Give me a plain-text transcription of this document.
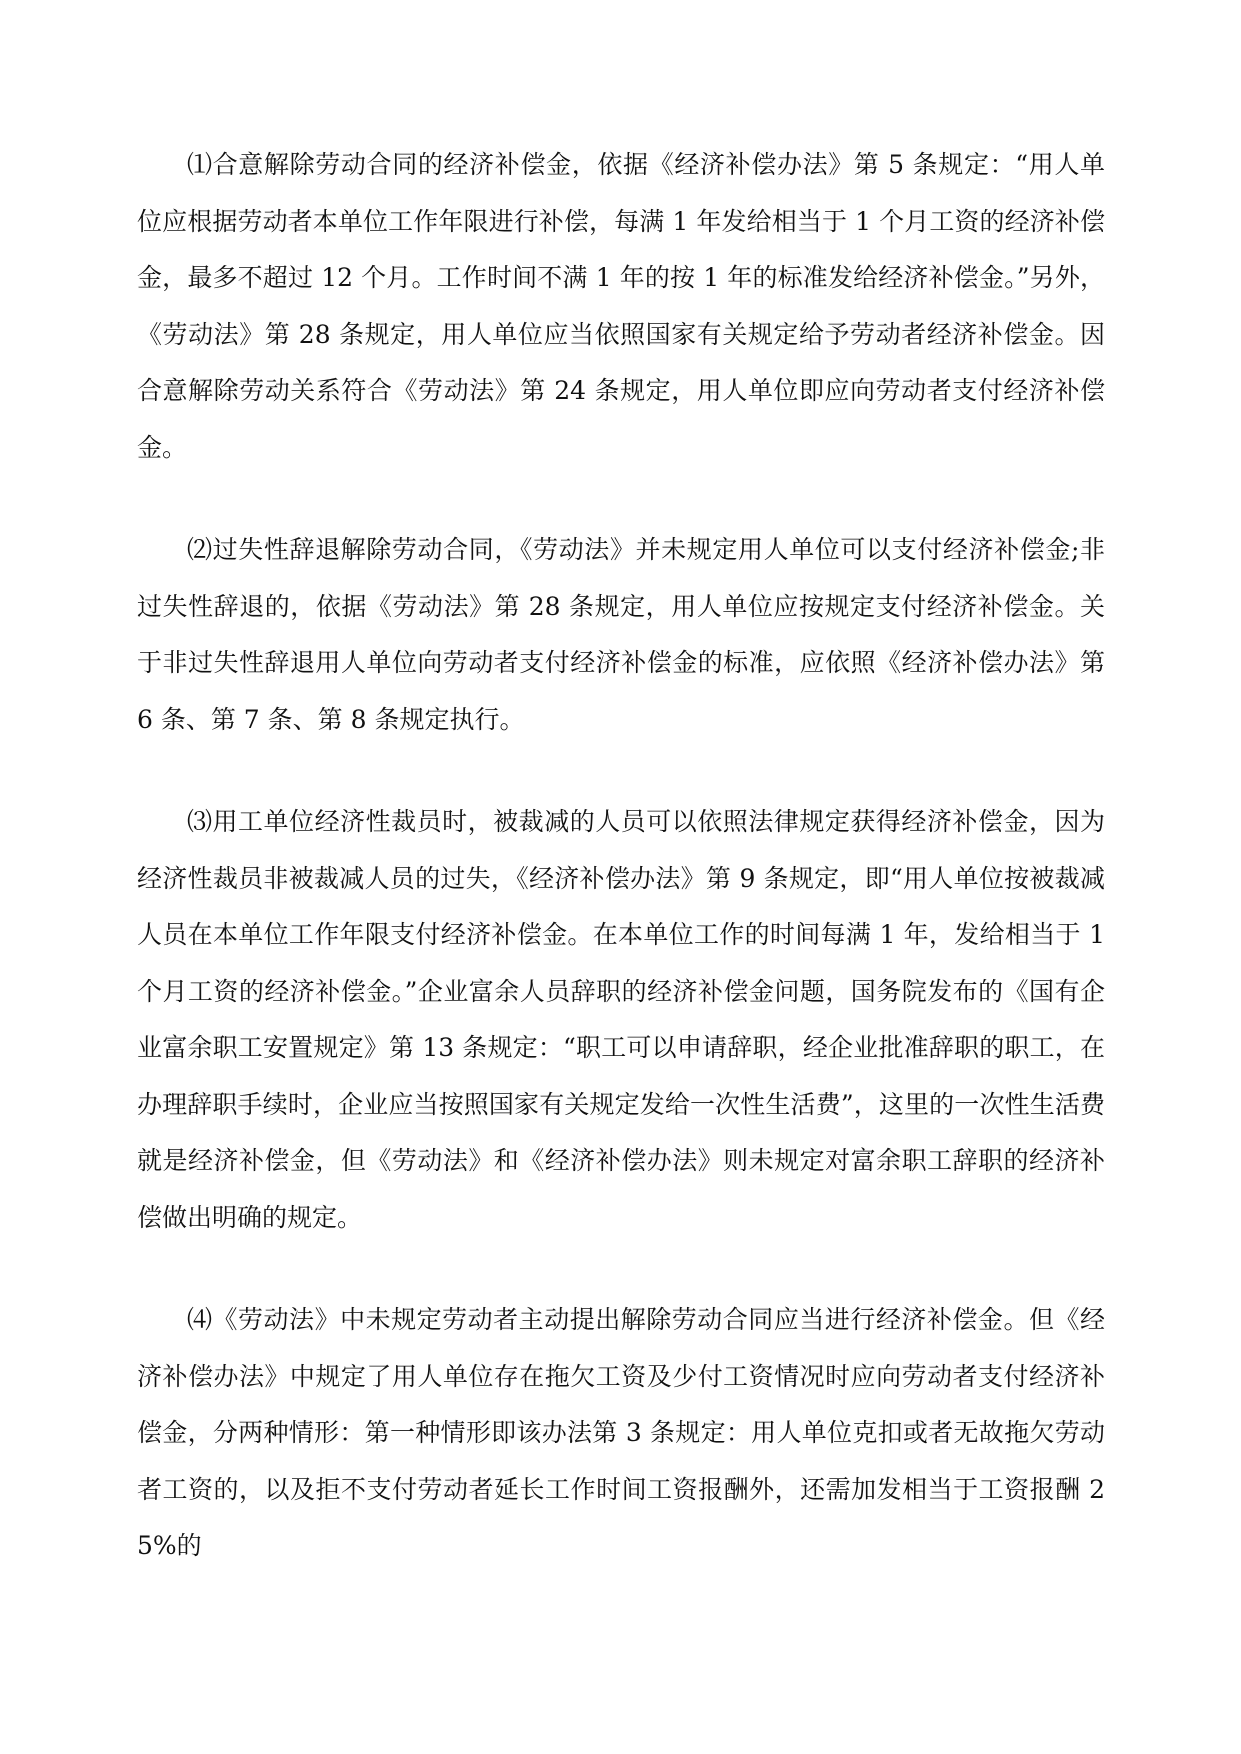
⑴合意解除劳动合同的经济补偿金，依据《经济补偿办法》第 5 条规定：“用人单位应根据劳动者本单位工作年限进行补偿，每满 1 年发给相当于 1 个月工资的经济补偿金，最多不超过 12 个月。工作时间不满 1 年的按 1 年的标准发给经济补偿金。”另外，《劳动法》第 28 条规定，用人单位应当依照国家有关规定给予劳动者经济补偿金。因合意解除劳动关系符合《劳动法》第 24 条规定，用人单位即应向劳动者支付经济补偿金。

⑵过失性辞退解除劳动合同，《劳动法》并未规定用人单位可以支付经济补偿金;非过失性辞退的，依据《劳动法》第 28 条规定，用人单位应按规定支付经济补偿金。关于非过失性辞退用人单位向劳动者支付经济补偿金的标准，应依照《经济补偿办法》第 6 条、第 7 条、第 8 条规定执行。

⑶用工单位经济性裁员时，被裁减的人员可以依照法律规定获得经济补偿金，因为经济性裁员非被裁减人员的过失，《经济补偿办法》第 9 条规定，即“用人单位按被裁减人员在本单位工作年限支付经济补偿金。在本单位工作的时间每满 1 年，发给相当于 1 个月工资的经济补偿金。”企业富余人员辞职的经济补偿金问题，国务院发布的《国有企业富余职工安置规定》第 13 条规定：“职工可以申请辞职，经企业批准辞职的职工，在办理辞职手续时，企业应当按照国家有关规定发给一次性生活费”，这里的一次性生活费就是经济补偿金，但《劳动法》和《经济补偿办法》则未规定对富余职工辞职的经济补偿做出明确的规定。

⑷《劳动法》中未规定劳动者主动提出解除劳动合同应当进行经济补偿金。但《经济补偿办法》中规定了用人单位存在拖欠工资及少付工资情况时应向劳动者支付经济补偿金，分两种情形：第一种情形即该办法第 3 条规定：用人单位克扣或者无故拖欠劳动者工资的，以及拒不支付劳动者延长工作时间工资报酬外，还需加发相当于工资报酬 25%的
